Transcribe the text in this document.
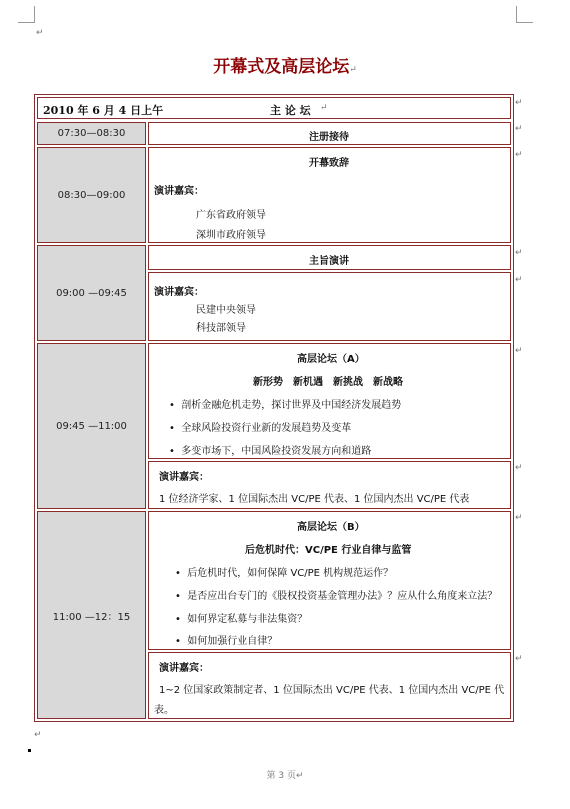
↵
开幕式及高层论坛↵
2010 年 6 月 4 日上午	主 论 坛 ↵
07:30—08:30	注册接待
08:30—09:00
开幕致辞
演讲嘉宾：
广东省政府领导
深圳市政府领导
09:00 —09:45
主旨演讲
演讲嘉宾：
民建中央领导
科技部领导
09:45 —11:00
高层论坛（A）
新形势　新机遇　新挑战　新战略
•  剖析金融危机走势，探讨世界及中国经济发展趋势
•  全球风险投资行业新的发展趋势及变革
•  多变市场下，中国风险投资发展方向和道路
演讲嘉宾：
1 位经济学家、1 位国际杰出 VC/PE 代表、1 位国内杰出 VC/PE 代表
11:00 —12：15
高层论坛（B）
后危机时代：VC/PE 行业自律与监管
•  后危机时代，如何保障 VC/PE 机构规范运作？
•  是否应出台专门的《股权投资基金管理办法》？应从什么角度来立法？
•  如何界定私募与非法集资？
•  如何加强行业自律？
演讲嘉宾：
1~2 位国家政策制定者、1 位国际杰出 VC/PE 代表、1 位国内杰出 VC/PE 代
表。
↵
↵
↵
↵
↵
↵
↵
↵
↵
↵
第 3 页↵
